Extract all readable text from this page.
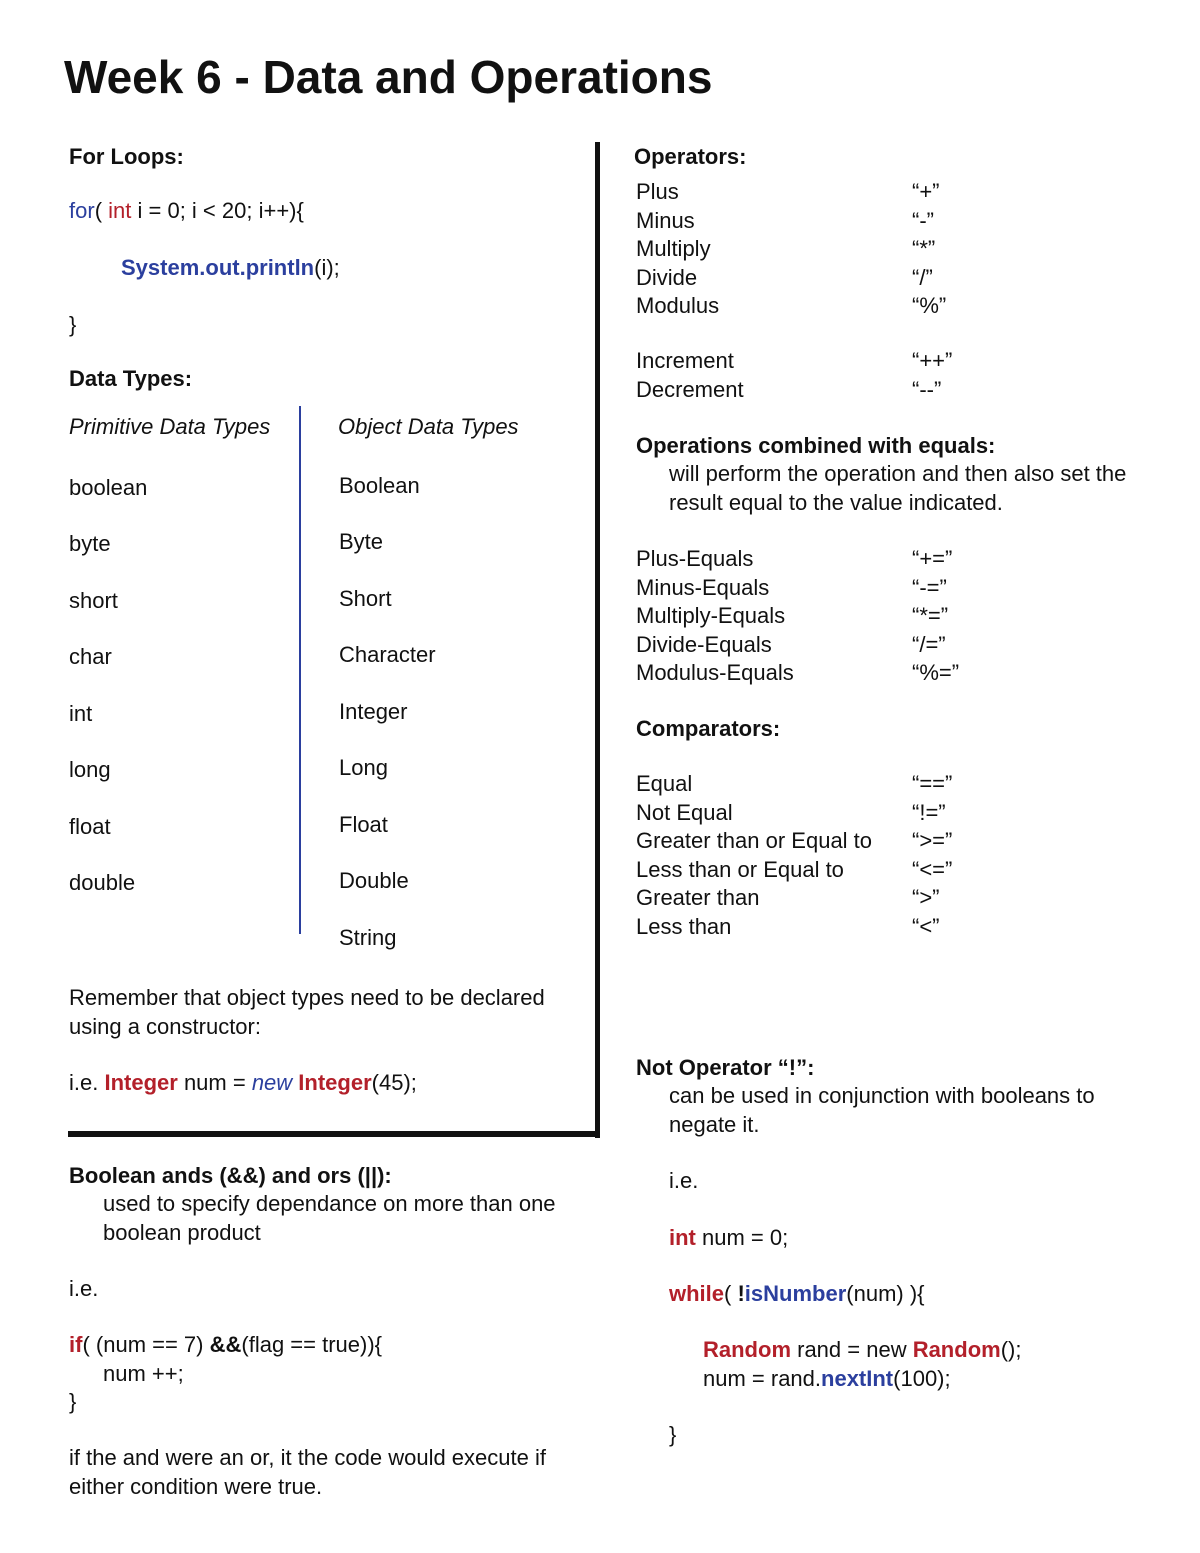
Week 6 - Data and Operations
For Loops:
for( int i = 0; i < 20; i++){
System.out.println(i);
}
Data Types:
Primitive Data Types	Object Data Types
boolean
byte
short
char
int
long
float
double
Boolean
Byte
Short
Character
Integer
Long
Float
Double
String
Remember that object types need to be declared
using a constructor:
i.e. Integer num = new Integer(45);
Boolean ands (&&) and ors (||):
used to specify dependance on more than one
boolean product
i.e.
if( (num == 7) &&(flag == true)){
num ++;
}
if the and were an or, it the code would execute if
either condition were true.
Operators:
Plus
Minus
Multiply
Divide
Modulus
“+”
“-”
“*”
“/”
“%”
Increment
Decrement
“++”
“--”
Operations combined with equals:
will perform the operation and then also set the
result equal to the value indicated.
Plus-Equals
Minus-Equals
Multiply-Equals
Divide-Equals
Modulus-Equals
“+=”
“-=”
“*=”
“/=”
“%=”
Comparators:
Equal
Not Equal
Greater than or Equal to
Less than or Equal to
Greater than
Less than
“==”
“!=”
“>=”
“<=”
“>”
“<”
Not Operator “!”:
can be used in conjunction with booleans to
negate it.
i.e.
int num = 0;
while( !isNumber(num) ){
Random rand = new Random();
num = rand.nextInt(100);
}
